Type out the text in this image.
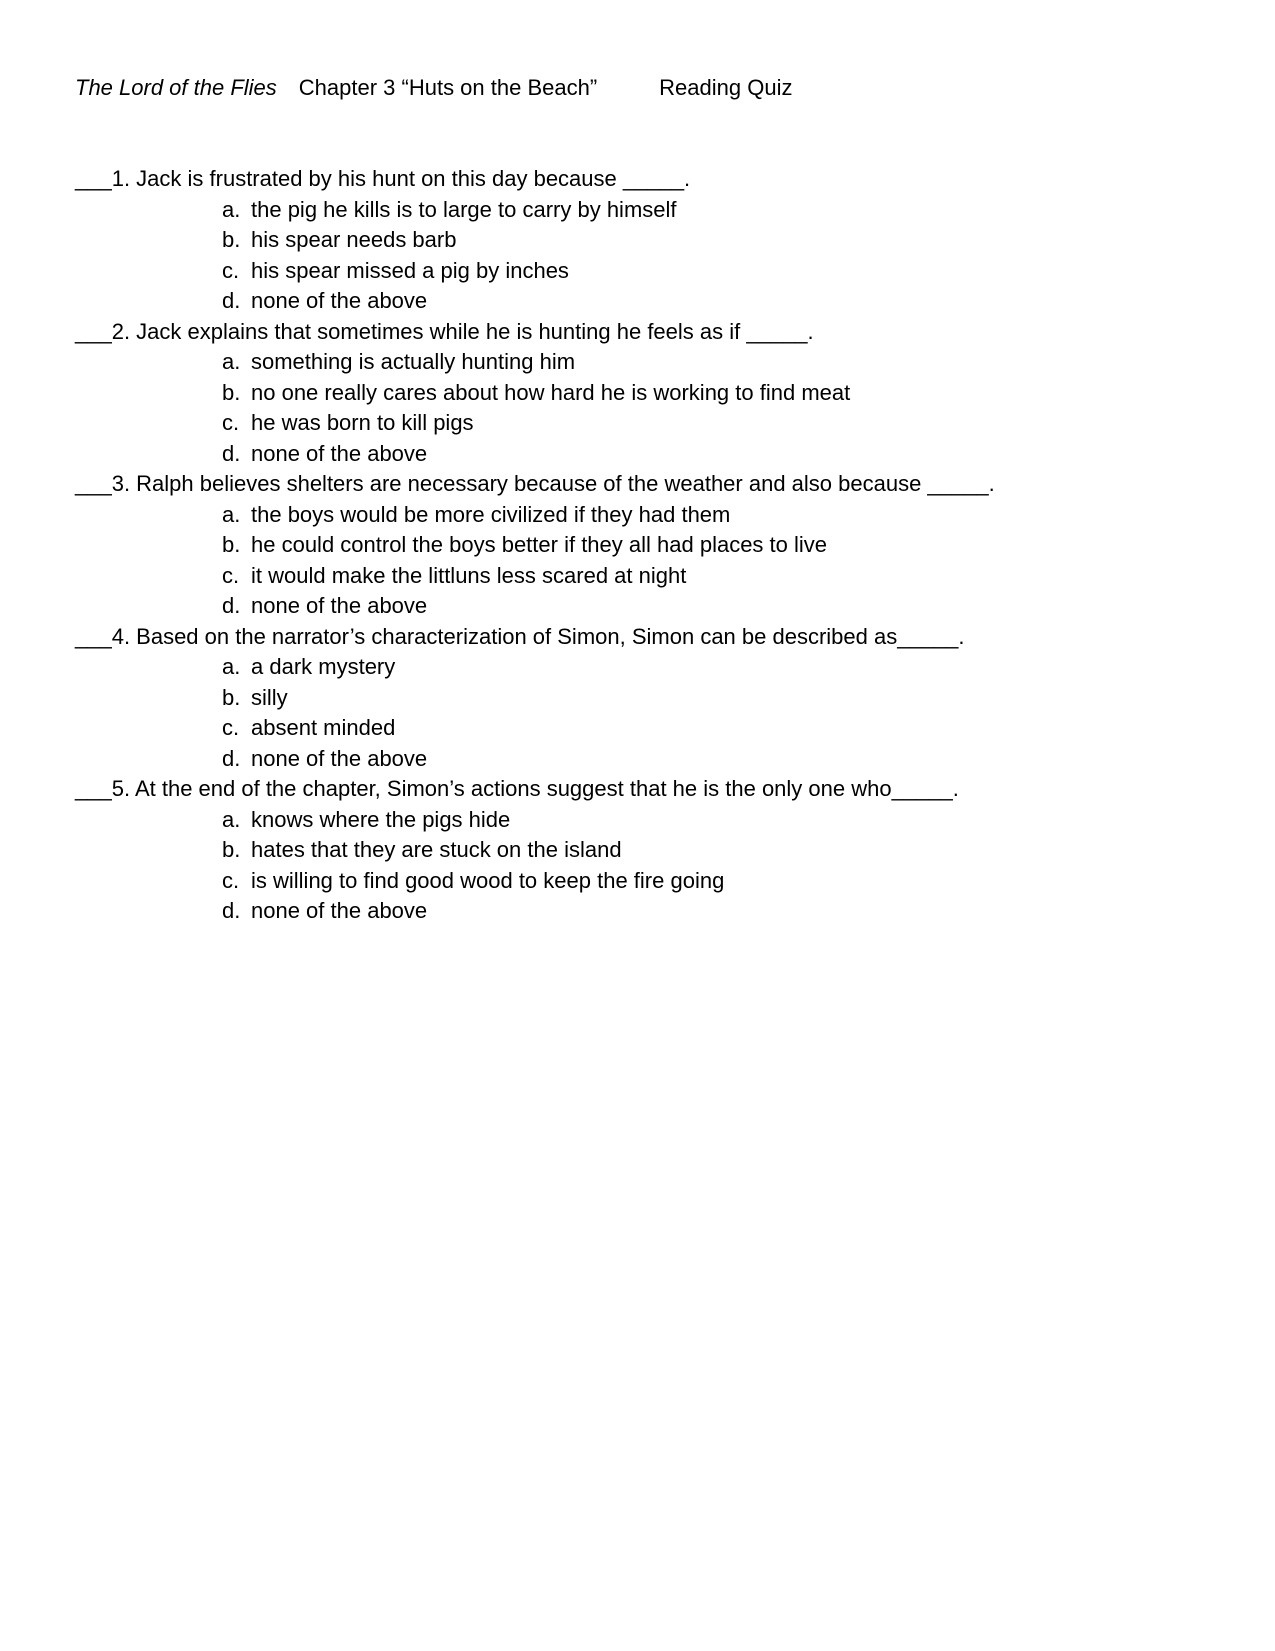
The Lord of the Flies Chapter 3 “Huts on the Beach”	Reading Quiz
___1. Jack is frustrated by his hunt on this day because _____.
a. the pig he kills is to large to carry by himself
b. his spear needs barb
c. his spear missed a pig by inches
d. none of the above
___2. Jack explains that sometimes while he is hunting he feels as if _____.
a. something is actually hunting him
b. no one really cares about how hard he is working to find meat
c. he was born to kill pigs
d. none of the above
___3. Ralph believes shelters are necessary because of the weather and also because _____.
a. the boys would be more civilized if they had them
b. he could control the boys better if they all had places to live
c. it would make the littluns less scared at night
d. none of the above
___4. Based on the narrator’s characterization of Simon, Simon can be described as_____.
a. a dark mystery
b. silly
c. absent minded
d. none of the above
___5. At the end of the chapter, Simon’s actions suggest that he is the only one who_____.
a. knows where the pigs hide
b. hates that they are stuck on the island
c. is willing to find good wood to keep the fire going
d. none of the above
